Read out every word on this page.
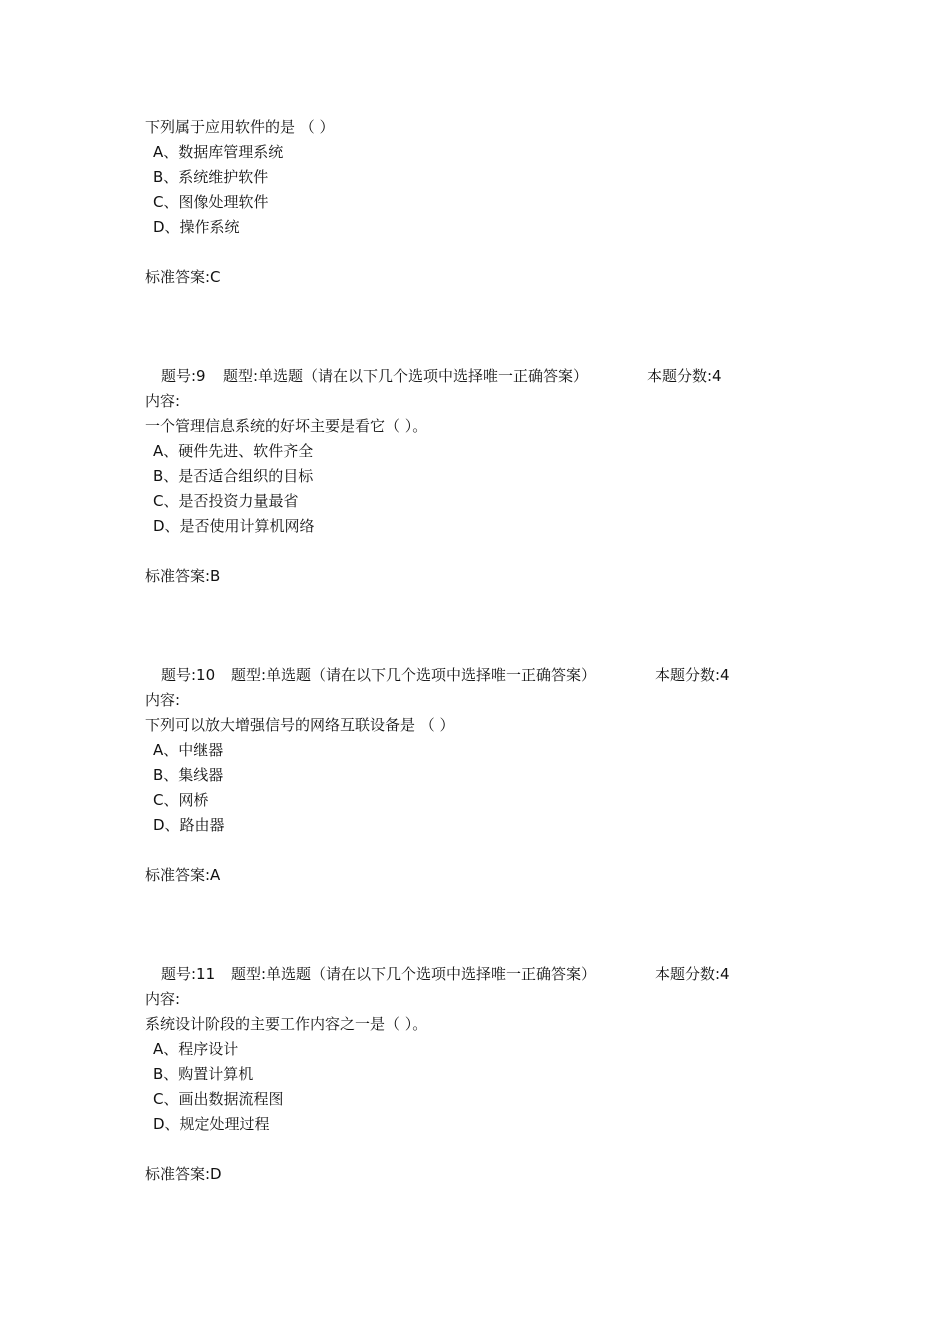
下列属于应用软件的是 （ ）
A、数据库管理系统
B、系统维护软件
C、图像处理软件
D、操作系统
标准答案:C
题号:9 题型:单选题（请在以下几个选项中选择唯一正确答案）	本题分数:4
内容:
一个管理信息系统的好坏主要是看它（ ）。
A、硬件先进、软件齐全
B、是否适合组织的目标
C、是否投资力量最省
D、是否使用计算机网络
标准答案:B
题号:10 题型:单选题（请在以下几个选项中选择唯一正确答案）	本题分数:4
内容:
下列可以放大增强信号的网络互联设备是 （ ）
A、中继器
B、集线器
C、网桥
D、路由器
标准答案:A
题号:11 题型:单选题（请在以下几个选项中选择唯一正确答案）	本题分数:4
内容:
系统设计阶段的主要工作内容之一是（ ）。
A、程序设计
B、购置计算机
C、画出数据流程图
D、规定处理过程
标准答案:D
